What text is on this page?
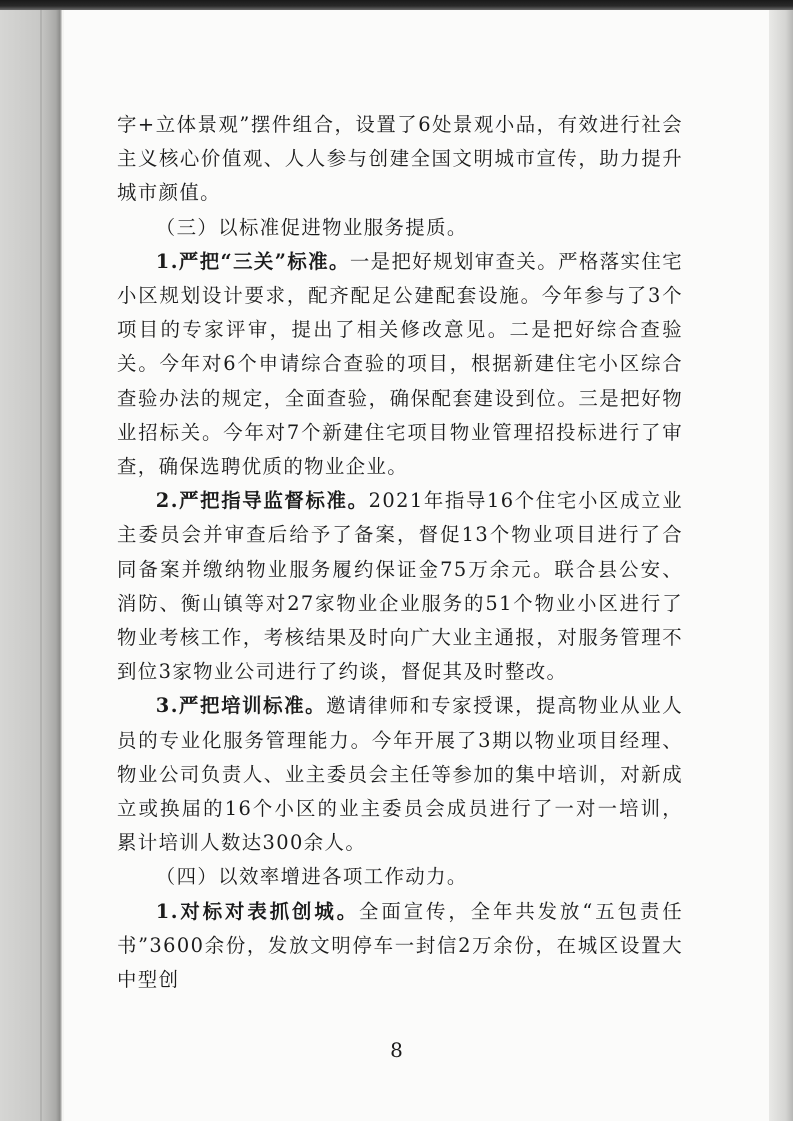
字+立体景观”摆件组合，设置了6处景观小品，有效进行社会主义核心价值观、人人参与创建全国文明城市宣传，助力提升城市颜值。

（三）以标准促进物业服务提质。

1.严把“三关”标准。一是把好规划审查关。严格落实住宅小区规划设计要求，配齐配足公建配套设施。今年参与了3个项目的专家评审，提出了相关修改意见。二是把好综合查验关。今年对6个申请综合查验的项目，根据新建住宅小区综合查验办法的规定，全面查验，确保配套建设到位。三是把好物业招标关。今年对7个新建住宅项目物业管理招投标进行了审查，确保选聘优质的物业企业。

2.严把指导监督标准。2021年指导16个住宅小区成立业主委员会并审查后给予了备案，督促13个物业项目进行了合同备案并缴纳物业服务履约保证金75万余元。联合县公安、消防、衡山镇等对27家物业企业服务的51个物业小区进行了物业考核工作，考核结果及时向广大业主通报，对服务管理不到位3家物业公司进行了约谈，督促其及时整改。

3.严把培训标准。邀请律师和专家授课，提高物业从业人员的专业化服务管理能力。今年开展了3期以物业项目经理、物业公司负责人、业主委员会主任等参加的集中培训，对新成立或换届的16个小区的业主委员会成员进行了一对一培训，累计培训人数达300余人。

（四）以效率增进各项工作动力。

1.对标对表抓创城。全面宣传，全年共发放“五包责任书”3600余份，发放文明停车一封信2万余份，在城区设置大中型创

8
